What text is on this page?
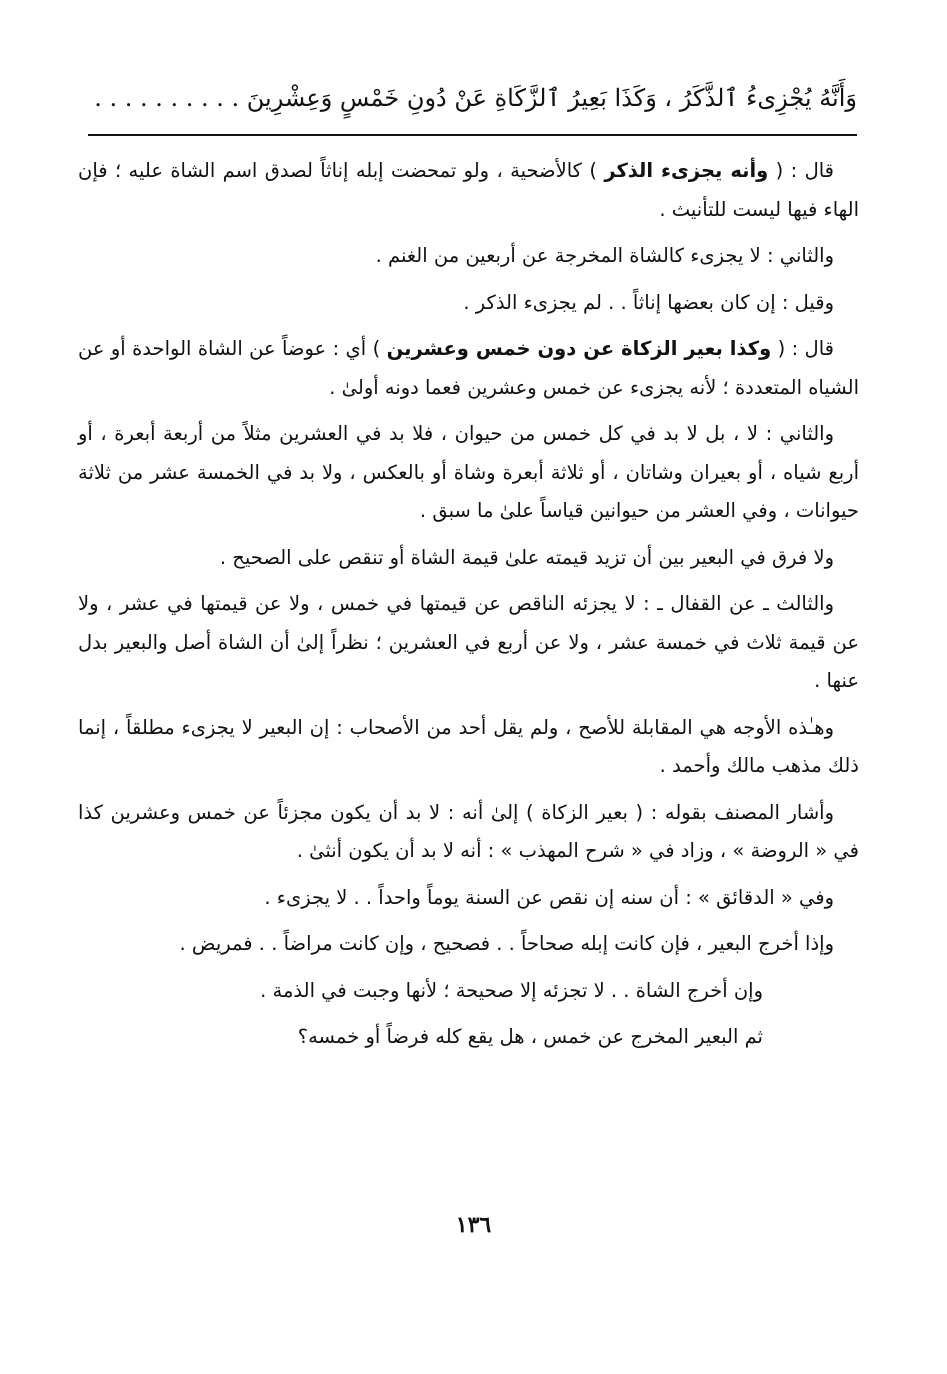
وَأَنَّهُ يُجْزِىءُ ٱلذَّكَرُ ، وَكَذَا بَعِيرُ ٱلزَّكَاةِ عَنْ دُونِ خَمْسٍ وَعِشْرِينَ . . . . . . . . . .

قال : ( وأنه يجزىء الذكر ) كالأضحية ، ولو تمحضت إبله إناثاً لصدق اسم الشاة عليه ؛ فإن الهاء فيها ليست للتأنيث .

والثاني : لا يجزىء كالشاة المخرجة عن أربعين من الغنم .

وقيل : إن كان بعضها إناثاً . . لم يجزىء الذكر .

قال : ( وكذا بعير الزكاة عن دون خمس وعشرين ) أي : عوضاً عن الشاة الواحدة أو عن الشياه المتعددة ؛ لأنه يجزىء عن خمس وعشرين فعما دونه أولىٰ .

والثاني : لا ، بل لا بد في كل خمس من حيوان ، فلا بد في العشرين مثلاً من أربعة أبعرة ، أو أربع شياه ، أو بعيران وشاتان ، أو ثلاثة أبعرة وشاة أو بالعكس ، ولا بد في الخمسة عشر من ثلاثة حيوانات ، وفي العشر من حيوانين قياساً علىٰ ما سبق .

ولا فرق في البعير بين أن تزيد قيمته علىٰ قيمة الشاة أو تنقص على الصحيح .

والثالث ـ عن القفال ـ : لا يجزئه الناقص عن قيمتها في خمس ، ولا عن قيمتها في عشر ، ولا عن قيمة ثلاث في خمسة عشر ، ولا عن أربع في العشرين ؛ نظراً إلىٰ أن الشاة أصل والبعير بدل عنها .

وهـٰذه الأوجه هي المقابلة للأصح ، ولم يقل أحد من الأصحاب : إن البعير لا يجزىء مطلقاً ، إنما ذلك مذهب مالك وأحمد .

وأشار المصنف بقوله : ( بعير الزكاة ) إلىٰ أنه : لا بد أن يكون مجزئاً عن خمس وعشرين كذا في « الروضة » ، وزاد في « شرح المهذب » : أنه لا بد أن يكون أنثىٰ .

وفي « الدقائق » : أن سنه إن نقص عن السنة يوماً واحداً . . لا يجزىء .

وإذا أخرج البعير ، فإن كانت إبله صحاحاً . . فصحيح ، وإن كانت مراضاً . . فمريض .

وإن أخرج الشاة . . لا تجزئه إلا صحيحة ؛ لأنها وجبت في الذمة .

ثم البعير المخرج عن خمس ، هل يقع كله فرضاً أو خمسه؟

١٣٦
